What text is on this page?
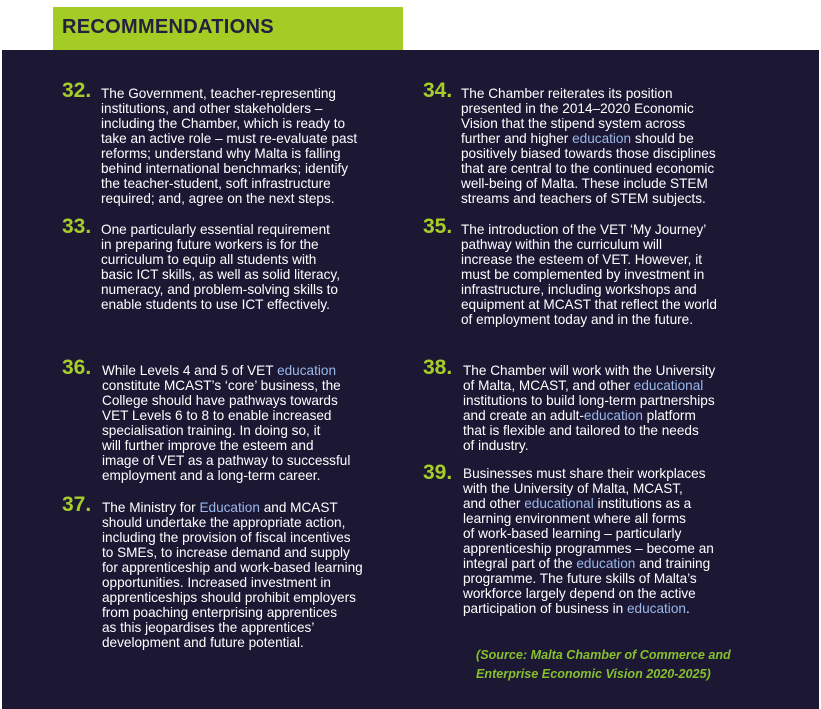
RECOMMENDATIONS
32. The Government, teacher-representing
institutions, and other stakeholders –
including the Chamber, which is ready to
take an active role – must re-evaluate past
reforms; understand why Malta is falling
behind international benchmarks; identify
the teacher-student, soft infrastructure
required; and, agree on the next steps.
33. One particularly essential requirement
in preparing future workers is for the
curriculum to equip all students with
basic ICT skills, as well as solid literacy,
numeracy, and problem-solving skills to
enable students to use ICT effectively.
34. The Chamber reiterates its position
presented in the 2014–2020 Economic
Vision that the stipend system across
further and higher education should be
positively biased towards those disciplines
that are central to the continued economic
well-being of Malta. These include STEM
streams and teachers of STEM subjects.
35. The introduction of the VET ‘My Journey’
pathway within the curriculum will
increase the esteem of VET. However, it
must be complemented by investment in
infrastructure, including workshops and
equipment at MCAST that reflect the world
of employment today and in the future.
36. While Levels 4 and 5 of VET education
constitute MCAST’s ‘core’ business, the
College should have pathways towards
VET Levels 6 to 8 to enable increased
specialisation training. In doing so, it
will further improve the esteem and
image of VET as a pathway to successful
employment and a long-term career.
37. The Ministry for Education and MCAST
should undertake the appropriate action,
including the provision of fiscal incentives
to SMEs, to increase demand and supply
for apprenticeship and work-based learning
opportunities. Increased investment in
apprenticeships should prohibit employers
from poaching enterprising apprentices
as this jeopardises the apprentices’
development and future potential.
38. The Chamber will work with the University
of Malta, MCAST, and other educational
institutions to build long-term partnerships
and create an adult-education platform
that is flexible and tailored to the needs
of industry.
39. Businesses must share their workplaces
with the University of Malta, MCAST,
and other educational institutions as a
learning environment where all forms
of work-based learning – particularly
apprenticeship programmes – become an
integral part of the education and training
programme. The future skills of Malta’s
workforce largely depend on the active
participation of business in education.
(Source: Malta Chamber of Commerce and
Enterprise Economic Vision 2020-2025)
